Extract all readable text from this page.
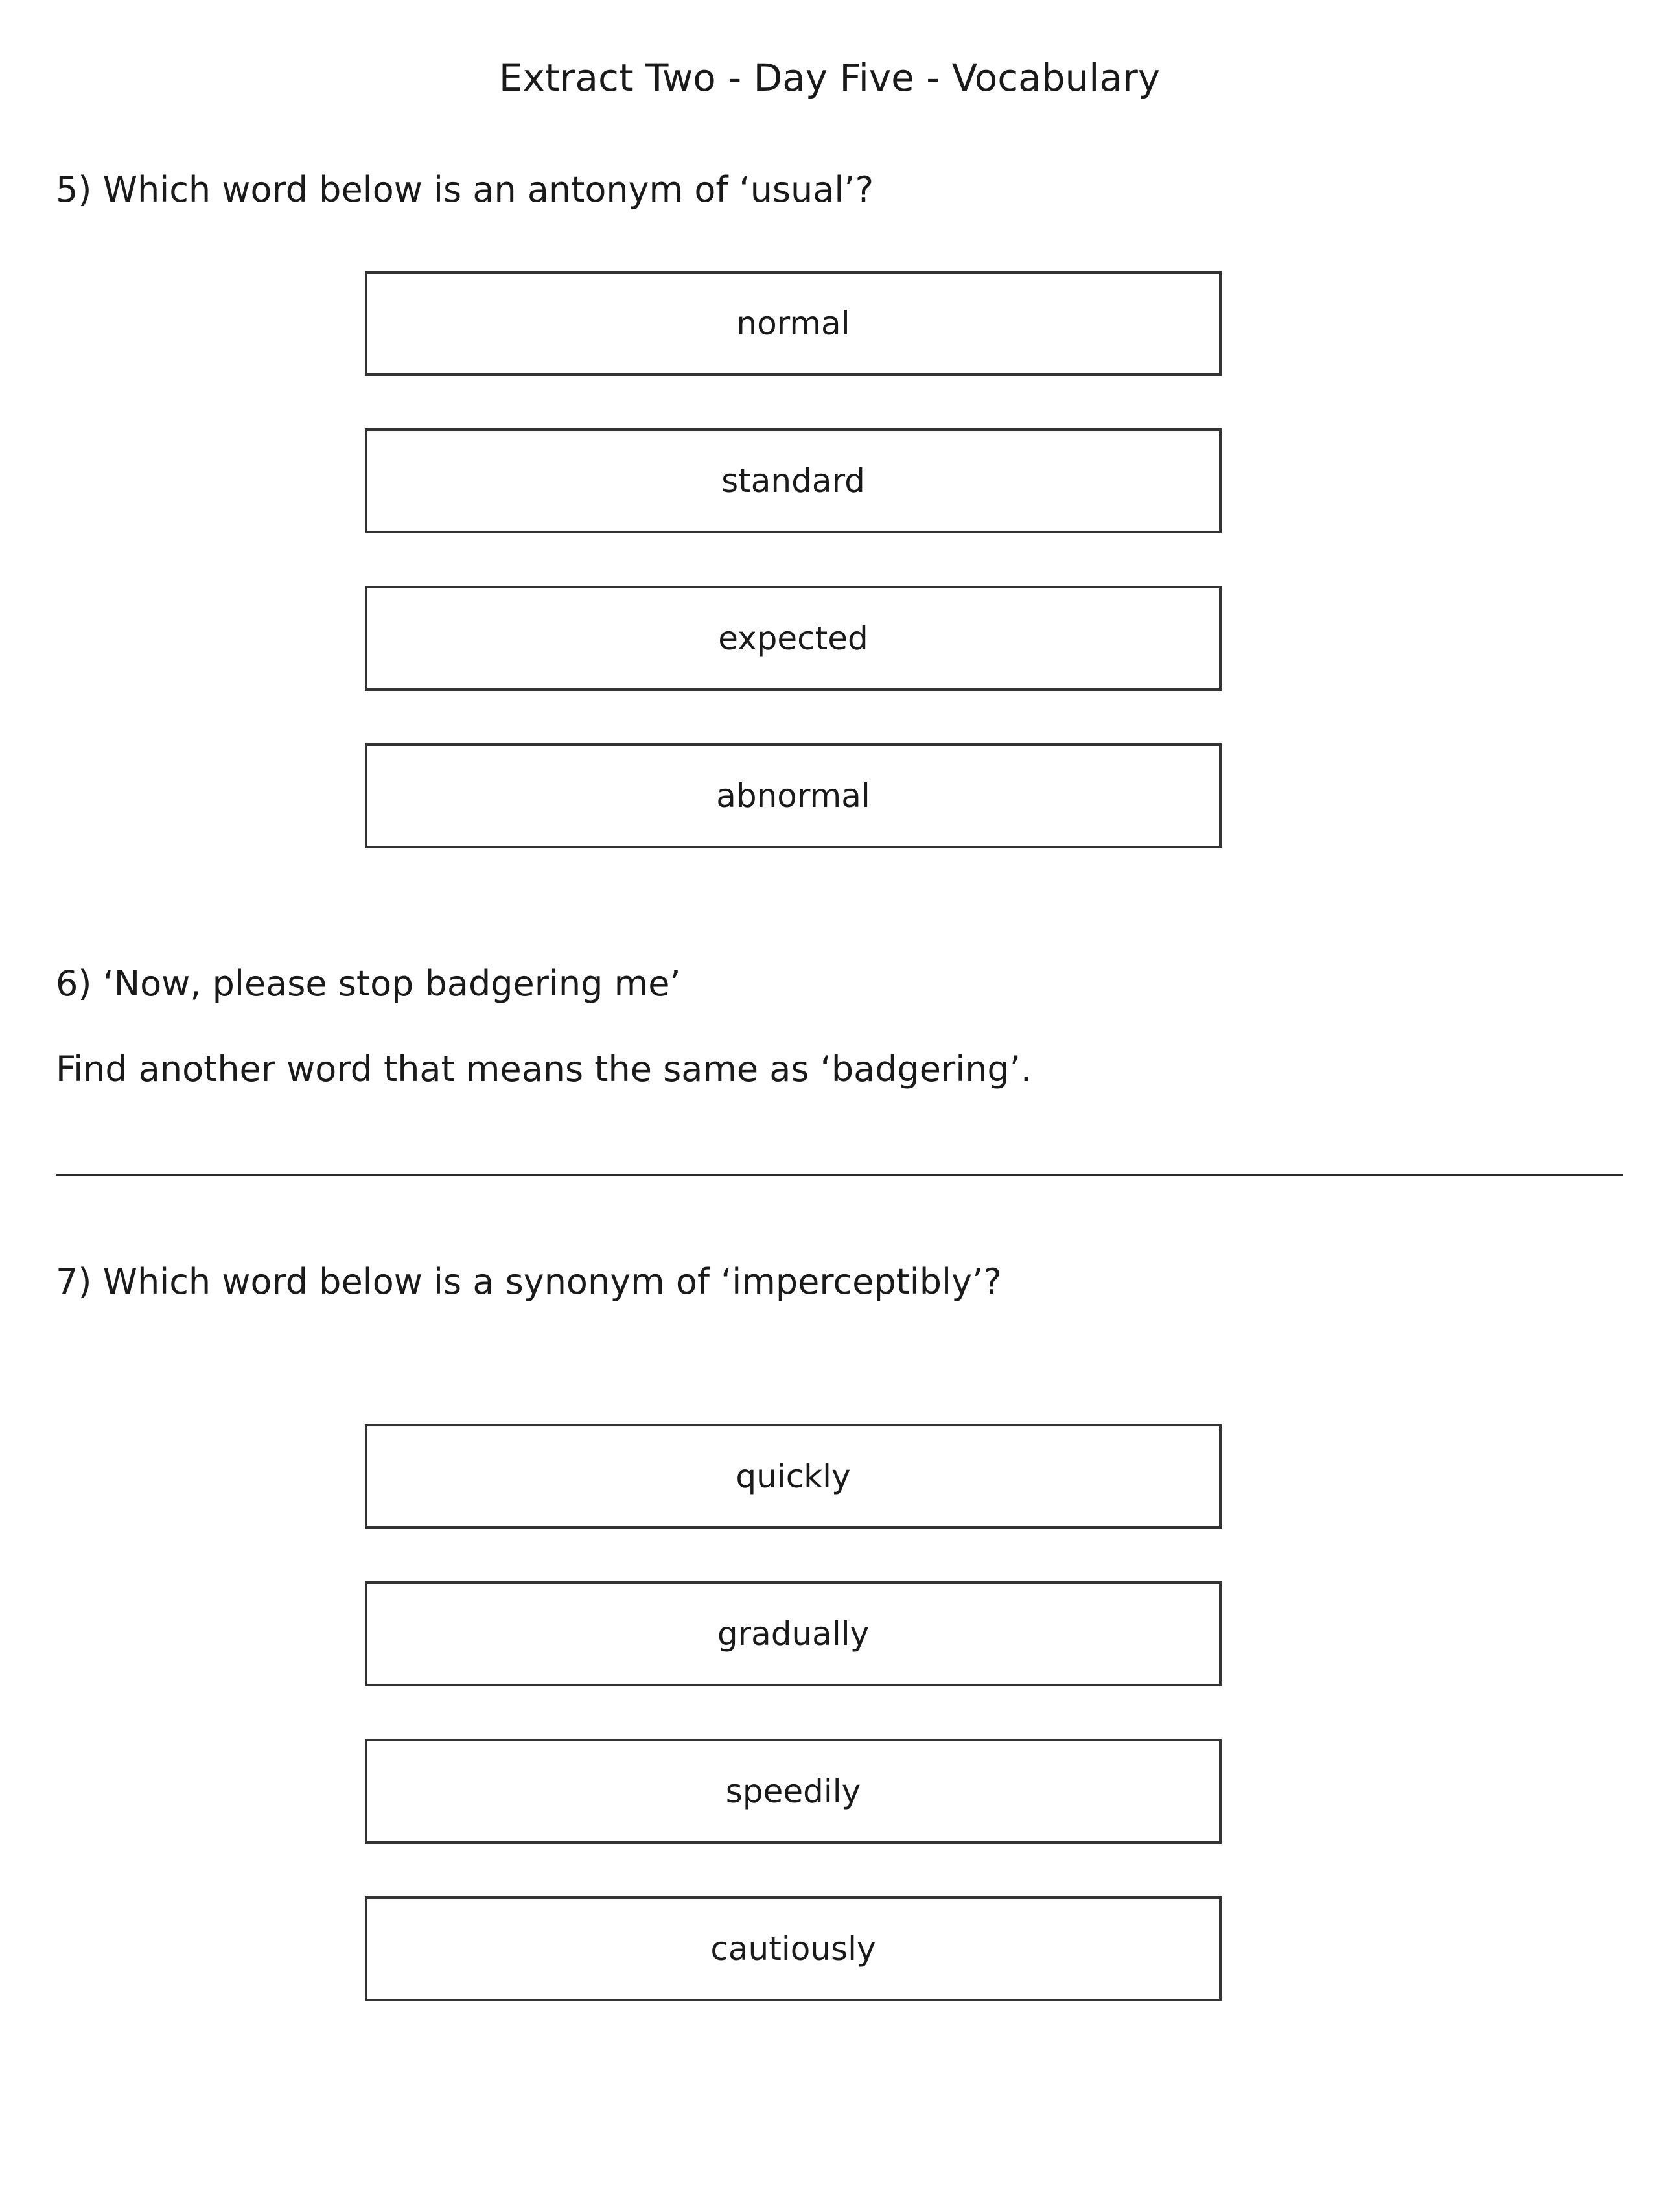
Extract Two - Day Five - Vocabulary
5) Which word below is an antonym of ‘usual’?
normal
standard
expected
abnormal
6) ‘Now, please stop badgering me’
Find another word that means the same as ‘badgering’.
7) Which word below is a synonym of ‘imperceptibly’?
quickly
gradually
speedily
cautiously
